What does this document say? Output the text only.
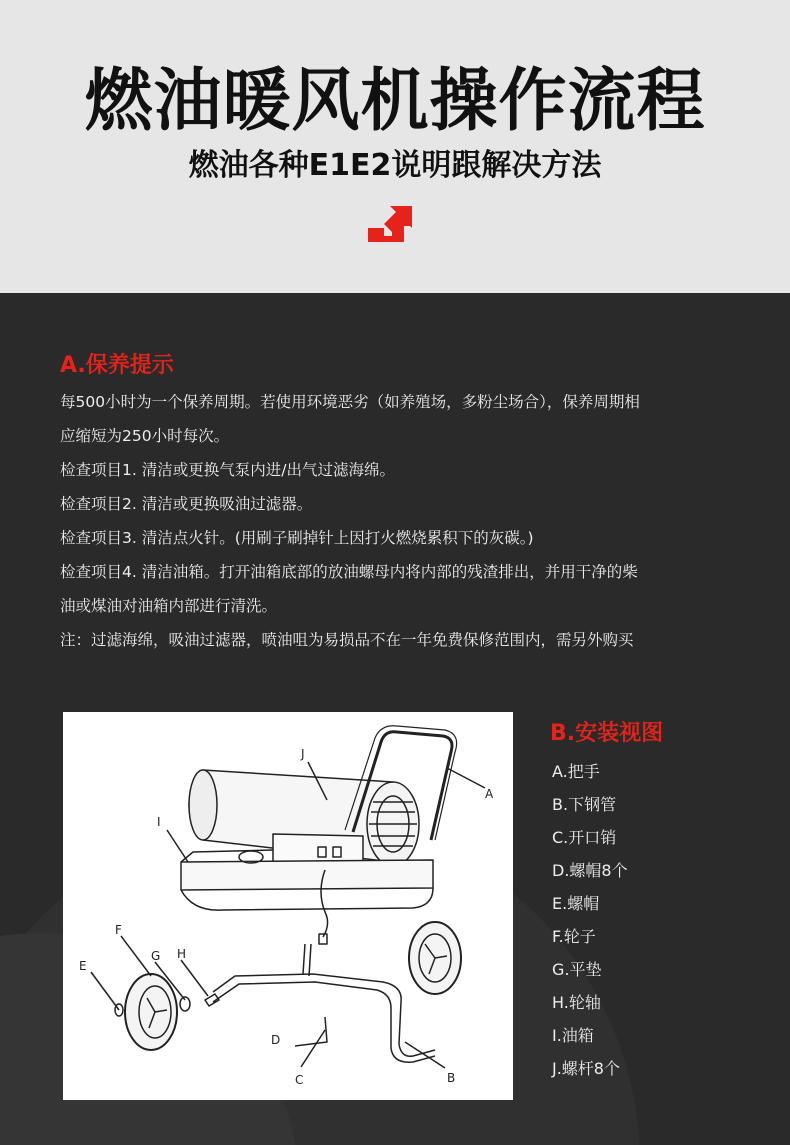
燃油暖风机操作流程
燃油各种E1E2说明跟解决方法
A.保养提示

每500小时为一个保养周期。若使用环境恶劣（如养殖场，多粉尘场合），保养周期相

应缩短为250小时每次。

检查项目1. 清洁或更换气泵内进/出气过滤海绵。

检查项目2. 清洁或更换吸油过滤器。

检查项目3. 清洁点火针。(用刷子刷掉针上因打火燃烧累积下的灰碳。)

检查项目4. 清洁油箱。打开油箱底部的放油螺母内将内部的残渣排出，并用干净的柴

油或煤油对油箱内部进行清洗。

注：过滤海绵，吸油过滤器，喷油咀为易损品不在一年免费保修范围内，需另外购买

A
B
C
D
E
F
G H
I
J
B.安装视图
A.把手
B.下钢管
C.开口销
D.螺帽8个
E.螺帽
F.轮子
G.平垫
H.轮轴
I.油箱
J.螺杆8个
